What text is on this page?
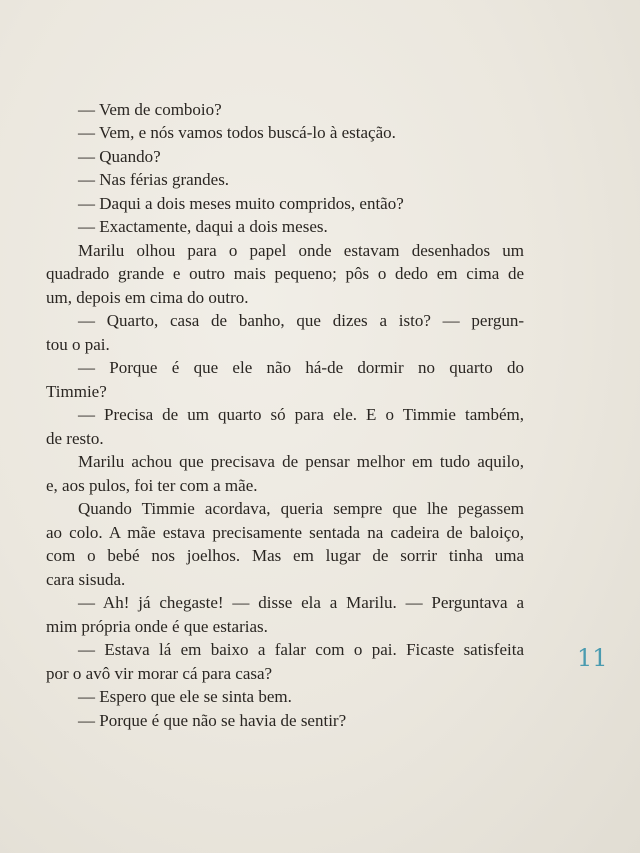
— Vem de comboio?
— Vem, e nós vamos todos buscá-lo à estação.
— Quando?
— Nas férias grandes.
— Daqui a dois meses muito compridos, então?
— Exactamente, daqui a dois meses.
Marilu olhou para o papel onde estavam desenhados um
quadrado grande e outro mais pequeno; pôs o dedo em cima de
um, depois em cima do outro.
— Quarto, casa de banho, que dizes a isto? — pergun-
tou o pai.
— Porque é que ele não há-de dormir no quarto do
Timmie?
— Precisa de um quarto só para ele. E o Timmie também,
de resto.
Marilu achou que precisava de pensar melhor em tudo aquilo,
e, aos pulos, foi ter com a mãe.
Quando Timmie acordava, queria sempre que lhe pegassem
ao colo. A mãe estava precisamente sentada na cadeira de baloiço,
com o bebé nos joelhos. Mas em lugar de sorrir tinha uma
cara sisuda.
— Ah! já chegaste! — disse ela a Marilu. — Perguntava a
mim própria onde é que estarias.
— Estava lá em baixo a falar com o pai. Ficaste satisfeita
por o avô vir morar cá para casa?
— Espero que ele se sinta bem.
— Porque é que não se havia de sentir?
11
